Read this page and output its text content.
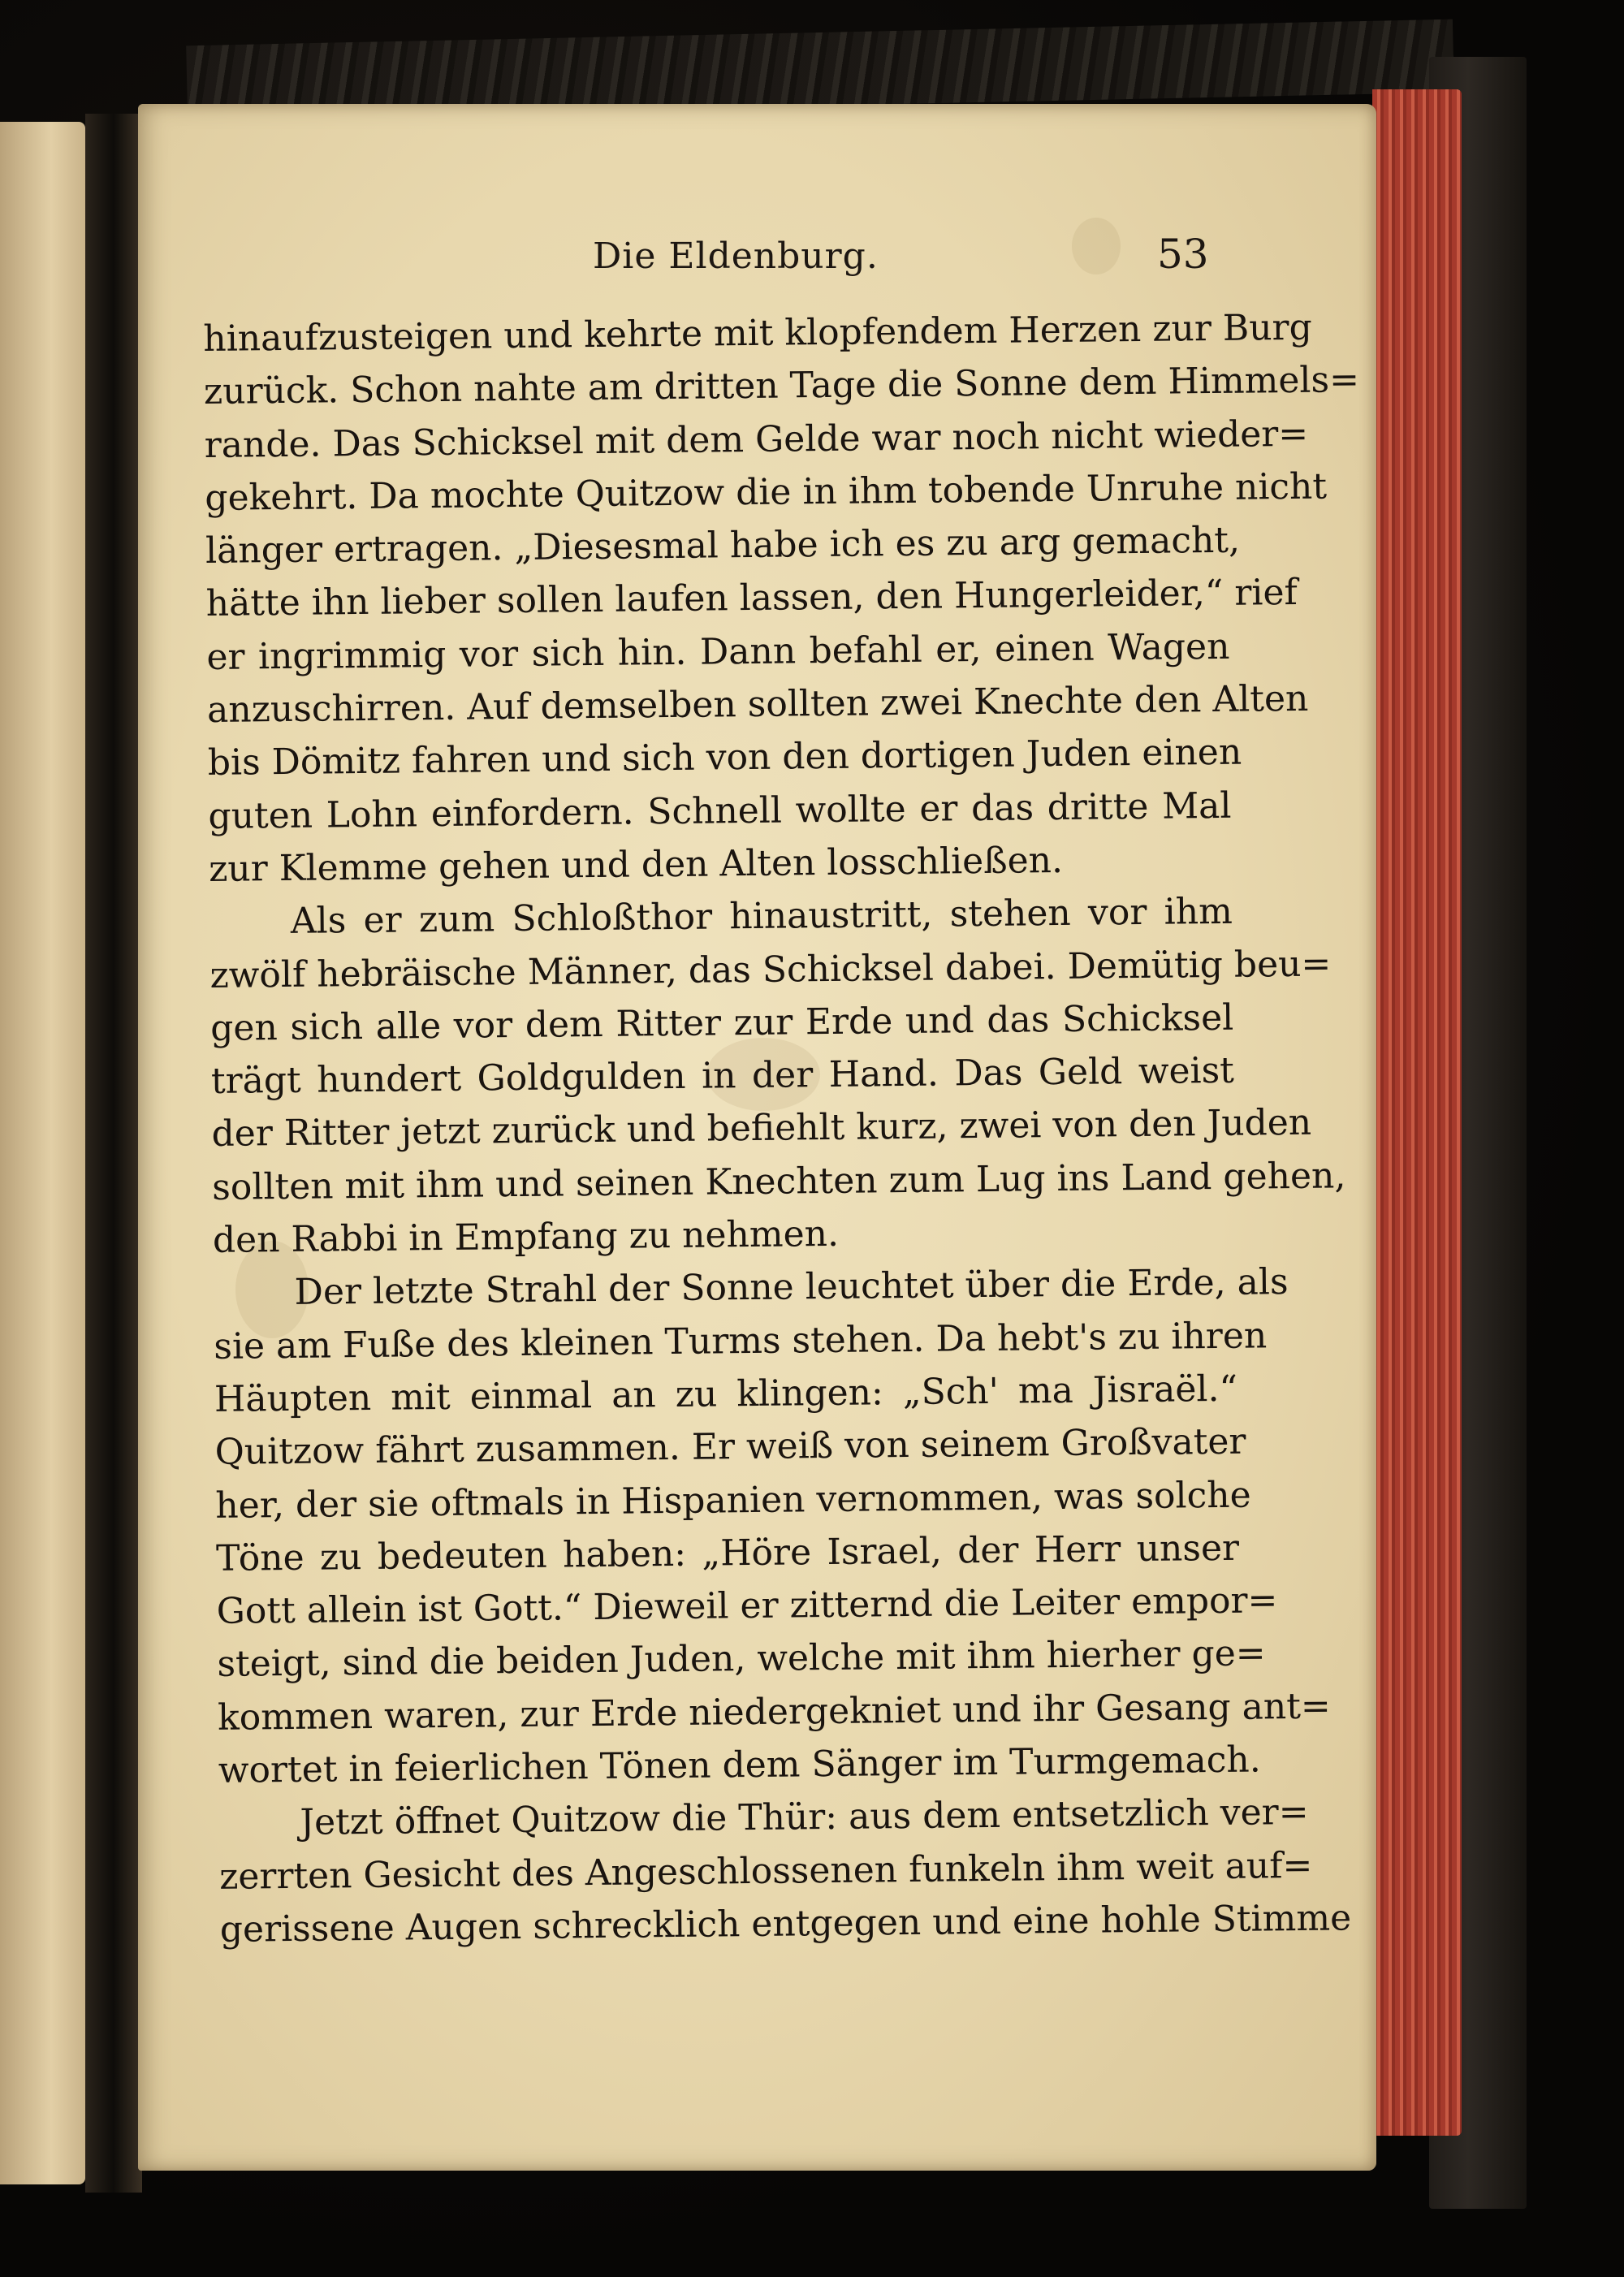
Die Eldenburg.	53
hinaufzusteigen und kehrte mit klopfendem Herzen zur Burg
zurück. Schon nahte am dritten Tage die Sonne dem Himmels=
rande. Das Schicksel mit dem Gelde war noch nicht wieder=
gekehrt. Da mochte Quitzow die in ihm tobende Unruhe nicht
länger ertragen. „Diesesmal habe ich es zu arg gemacht,
hätte ihn lieber sollen laufen lassen, den Hungerleider,“ rief
er ingrimmig vor sich hin. Dann befahl er, einen Wagen
anzuschirren. Auf demselben sollten zwei Knechte den Alten
bis Dömitz fahren und sich von den dortigen Juden einen
guten Lohn einfordern. Schnell wollte er das dritte Mal
zur Klemme gehen und den Alten losschließen.
Als er zum Schloßthor hinaustritt, stehen vor ihm
zwölf hebräische Männer, das Schicksel dabei. Demütig beu=
gen sich alle vor dem Ritter zur Erde und das Schicksel
trägt hundert Goldgulden in der Hand. Das Geld weist
der Ritter jetzt zurück und befiehlt kurz, zwei von den Juden
sollten mit ihm und seinen Knechten zum Lug ins Land gehen,
den Rabbi in Empfang zu nehmen.
Der letzte Strahl der Sonne leuchtet über die Erde, als
sie am Fuße des kleinen Turms stehen. Da hebt's zu ihren
Häupten mit einmal an zu klingen: „Sch' ma Jisraël.“
Quitzow fährt zusammen. Er weiß von seinem Großvater
her, der sie oftmals in Hispanien vernommen, was solche
Töne zu bedeuten haben: „Höre Israel, der Herr unser
Gott allein ist Gott.“ Dieweil er zitternd die Leiter empor=
steigt, sind die beiden Juden, welche mit ihm hierher ge=
kommen waren, zur Erde niedergekniet und ihr Gesang ant=
wortet in feierlichen Tönen dem Sänger im Turmgemach.
Jetzt öffnet Quitzow die Thür: aus dem entsetzlich ver=
zerrten Gesicht des Angeschlossenen funkeln ihm weit auf=
gerissene Augen schrecklich entgegen und eine hohle Stimme
